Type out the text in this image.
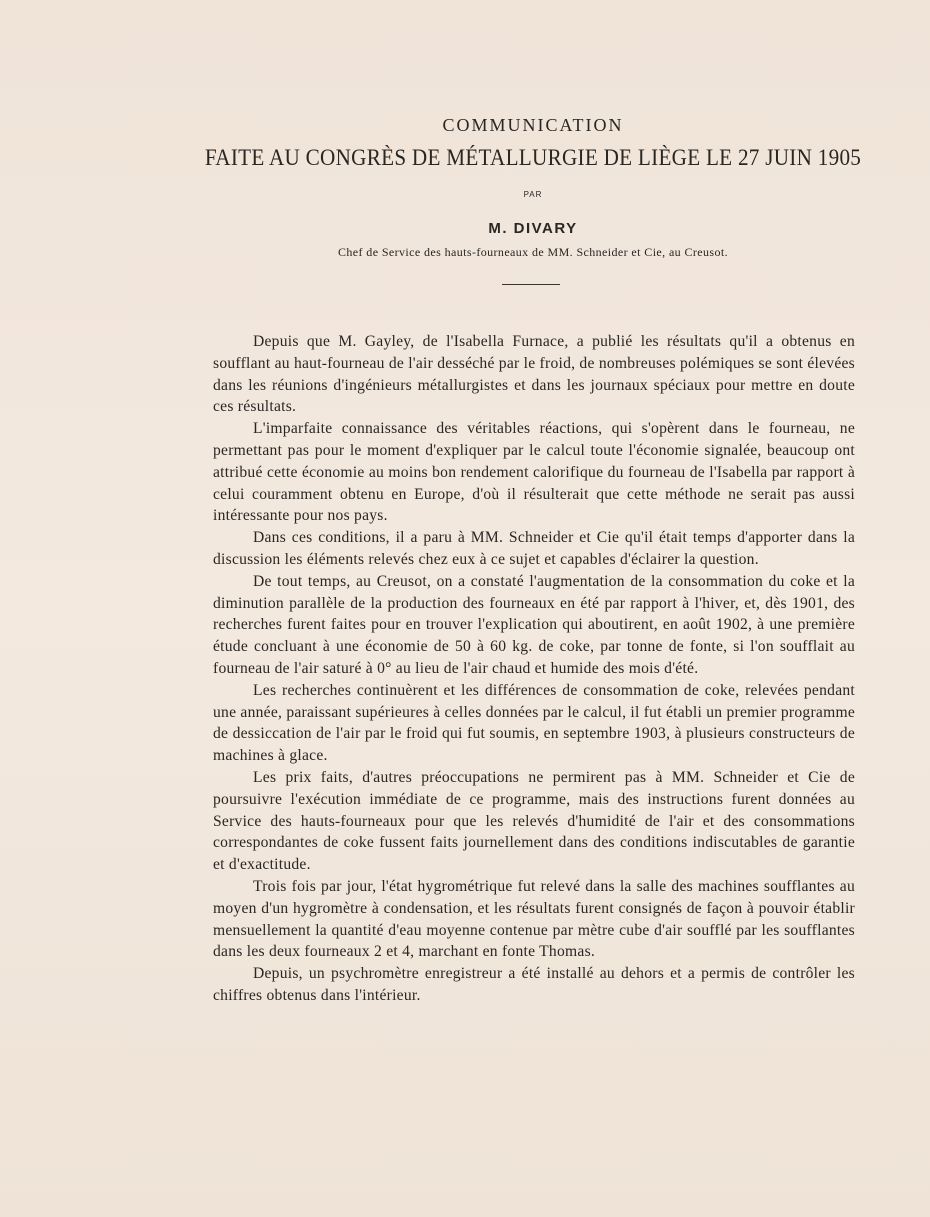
COMMUNICATION
FAITE AU CONGRÈS DE MÉTALLURGIE DE LIÈGE LE 27 JUIN 1905
PAR
M. DIVARY
Chef de Service des hauts-fourneaux de MM. Schneider et Cie, au Creusot.

Depuis que M. Gayley, de l'Isabella Furnace, a publié les résultats qu'il a obtenus en soufflant au haut-fourneau de l'air desséché par le froid, de nombreuses polémiques se sont élevées dans les réunions d'ingénieurs métallurgistes et dans les journaux spéciaux pour mettre en doute ces résultats.

L'imparfaite connaissance des véritables réactions, qui s'opèrent dans le fourneau, ne permettant pas pour le moment d'expliquer par le calcul toute l'économie signalée, beaucoup ont attribué cette économie au moins bon rendement calorifique du fourneau de l'Isabella par rapport à celui couramment obtenu en Europe, d'où il résulterait que cette méthode ne serait pas aussi intéressante pour nos pays.

Dans ces conditions, il a paru à MM. Schneider et Cie qu'il était temps d'apporter dans la discussion les éléments relevés chez eux à ce sujet et capables d'éclairer la question.

De tout temps, au Creusot, on a constaté l'augmentation de la consommation du coke et la diminution parallèle de la production des fourneaux en été par rapport à l'hiver, et, dès 1901, des recherches furent faites pour en trouver l'explication qui aboutirent, en août 1902, à une première étude concluant à une économie de 50 à 60 kg. de coke, par tonne de fonte, si l'on soufflait au fourneau de l'air saturé à 0° au lieu de l'air chaud et humide des mois d'été.

Les recherches continuèrent et les différences de consommation de coke, relevées pendant une année, paraissant supérieures à celles données par le calcul, il fut établi un premier programme de dessiccation de l'air par le froid qui fut soumis, en septembre 1903, à plusieurs constructeurs de machines à glace.

Les prix faits, d'autres préoccupations ne permirent pas à MM. Schneider et Cie de poursuivre l'exécution immédiate de ce programme, mais des instructions furent données au Service des hauts-fourneaux pour que les relevés d'humidité de l'air et des consommations correspondantes de coke fussent faits journellement dans des conditions indiscutables de garantie et d'exactitude.

Trois fois par jour, l'état hygrométrique fut relevé dans la salle des machines soufflantes au moyen d'un hygromètre à condensation, et les résultats furent consignés de façon à pouvoir établir mensuellement la quantité d'eau moyenne contenue par mètre cube d'air soufflé par les soufflantes dans les deux fourneaux 2 et 4, marchant en fonte Thomas.

Depuis, un psychromètre enregistreur a été installé au dehors et a permis de contrôler les chiffres obtenus dans l'intérieur.
